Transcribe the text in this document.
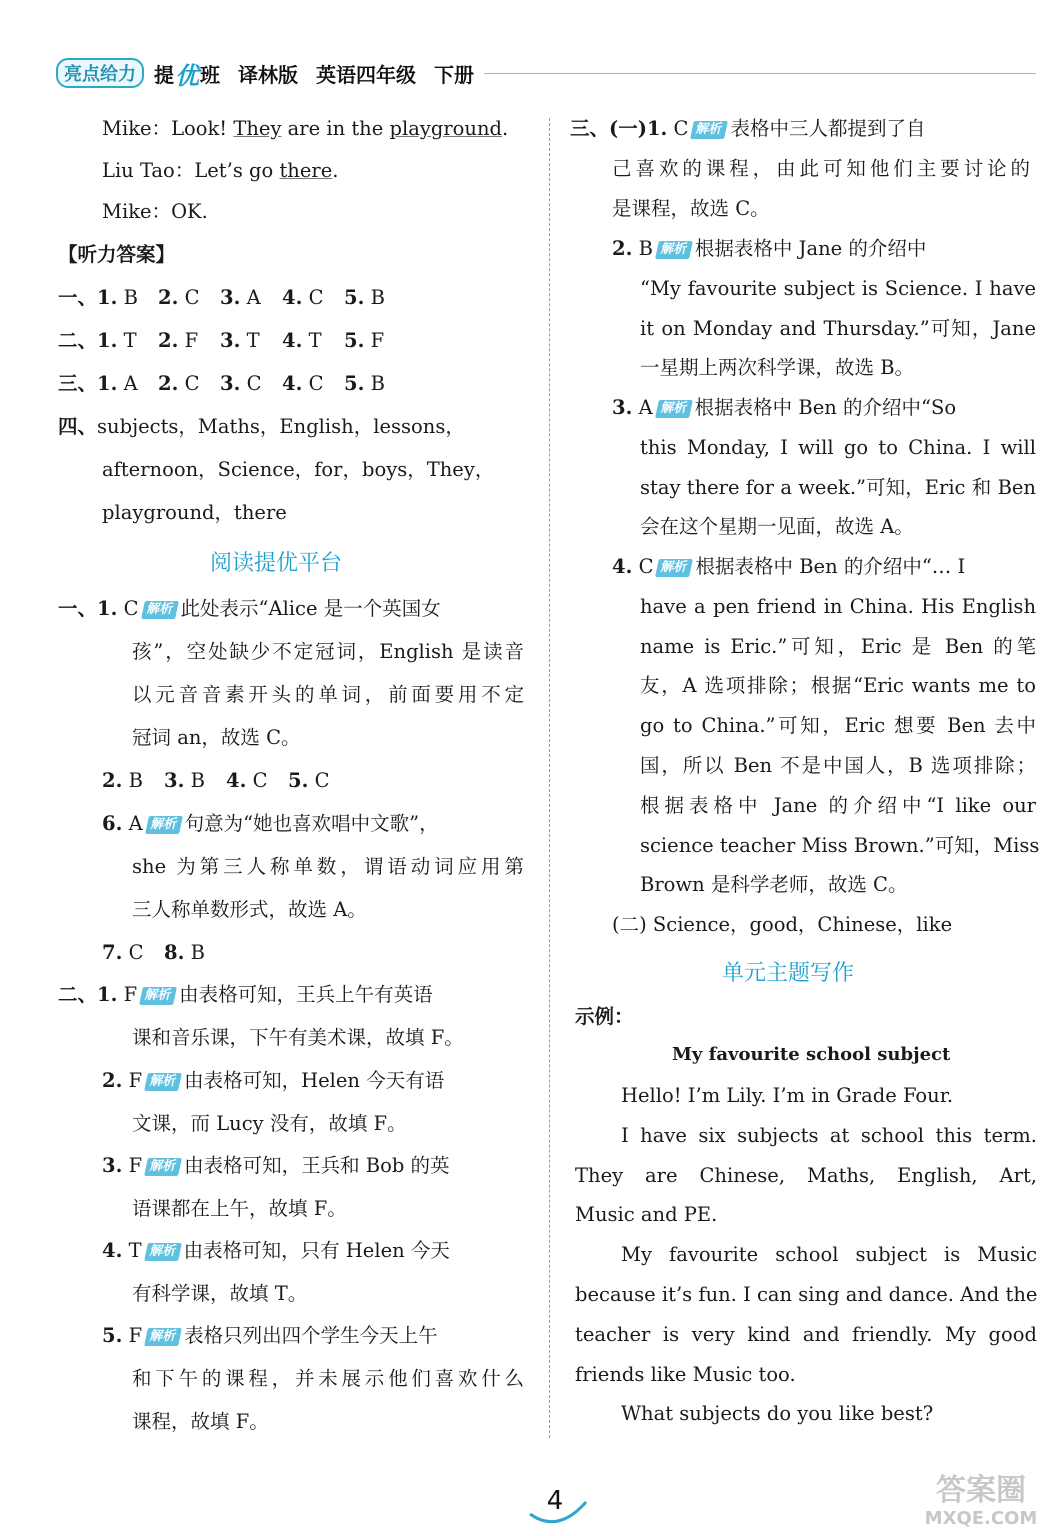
亮点给力 提 优 班 译林版 英语四年级 下册
Mike：Look! They are in the playground.
Liu Tao：Let’s go there.
Mike：OK.
【听力答案】
一、1. B 2. C 3. A 4. C 5. B
二、1. T 2. F 3. T 4. T 5. F
三、1. A 2. C 3. C 4. C 5. B
四、subjects，Maths，English，lessons，
afternoon，Science，for，boys，They，
playground，there
阅读提优平台
一、1. C 解析 此处表示“Alice 是一个英国女
孩”，空处缺少不定冠词，English 是读音
以元音音素开头的单词，前面要用不定
冠词 an，故选 C。
2. B 3. B 4. C 5. C
6. A 解析 句意为“她也喜欢唱中文歌”，
she 为第三人称单数，谓语动词应用第
三人称单数形式，故选 A。
7. C 8. B
二、1. F 解析 由表格可知，王兵上午有英语
课和音乐课，下午有美术课，故填 F。
2. F 解析 由表格可知，Helen 今天有语
文课，而 Lucy 没有，故填 F。
3. F 解析 由表格可知，王兵和 Bob 的英
语课都在上午，故填 F。
4. T 解析 由表格可知，只有 Helen 今天
有科学课，故填 T。
5. F 解析 表格只列出四个学生今天上午
和下午的课程，并未展示他们喜欢什么
课程，故填 F。
三、(一)1. C 解析 表格中三人都提到了自
己喜欢的课程，由此可知他们主要讨论的
是课程，故选 C。
2. B 解析 根据表格中 Jane 的介绍中
“My favourite subject is Science. I have
it on Monday and Thursday.”可知，Jane
一星期上两次科学课，故选 B。
3. A 解析 根据表格中 Ben 的介绍中“So
this Monday, I will go to China. I will
stay there for a week.”可知，Eric 和 Ben
会在这个星期一见面，故选 A。
4. C 解析 根据表格中 Ben 的介绍中“… I
have a pen friend in China. His English
name is Eric.”可知，Eric 是 Ben 的笔
友，A 选项排除；根据“Eric wants me to
go to China.”可知，Eric 想要 Ben 去中
国，所以 Ben 不是中国人，B 选项排除；
根据表格中 Jane 的介绍中“I like our
science teacher Miss Brown.”可知，Miss
Brown 是科学老师，故选 C。
(二) Science，good，Chinese，like
单元主题写作
示例：
My favourite school subject
Hello! I’m Lily. I’m in Grade Four.
I have six subjects at school this term.
They are Chinese, Maths, English, Art,
Music and PE.
My favourite school subject is Music
because it’s fun. I can sing and dance. And the
teacher is very kind and friendly. My good
friends like Music too.
What subjects do you like best?
4	答案圈
MXQE.COM
